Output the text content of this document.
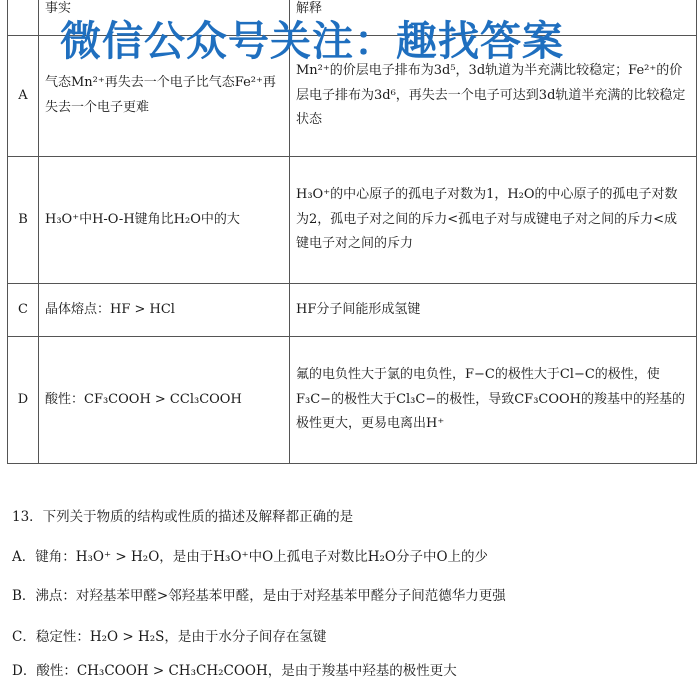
	事实	解释
A	气态Mn²⁺再失去一个电子比气态Fe²⁺再失去一个电子更难	Mn²⁺的价层电子排布为3d⁵，3d轨道为半充满比较稳定；Fe²⁺的价层电子排布为3d⁶，再失去一个电子可达到3d轨道半充满的比较稳定状态
B	H₃O⁺中H-O-H键角比H₂O中的大	H₃O⁺的中心原子的孤电子对数为1，H₂O的中心原子的孤电子对数为2，孤电子对之间的斥力<孤电子对与成键电子对之间的斥力<成键电子对之间的斥力
C	晶体熔点：HF > HCl	HF分子间能形成氢键
D	酸性：CF₃COOH > CCl₃COOH	氟的电负性大于氯的电负性，F−C的极性大于Cl−C的极性，使F₃C−的极性大于Cl₃C−的极性，导致CF₃COOH的羧基中的羟基的极性更大，更易电离出H⁺
微信公众号关注：趣找答案
13．下列关于物质的结构或性质的描述及解释都正确的是
A．键角：H₃O⁺ > H₂O，是由于H₃O⁺中O上孤电子对数比H₂O分子中O上的少
B．沸点：对羟基苯甲醛>邻羟基苯甲醛，是由于对羟基苯甲醛分子间范德华力更强
C．稳定性：H₂O > H₂S，是由于水分子间存在氢键
D．酸性：CH₃COOH > CH₃CH₂COOH，是由于羧基中羟基的极性更大
